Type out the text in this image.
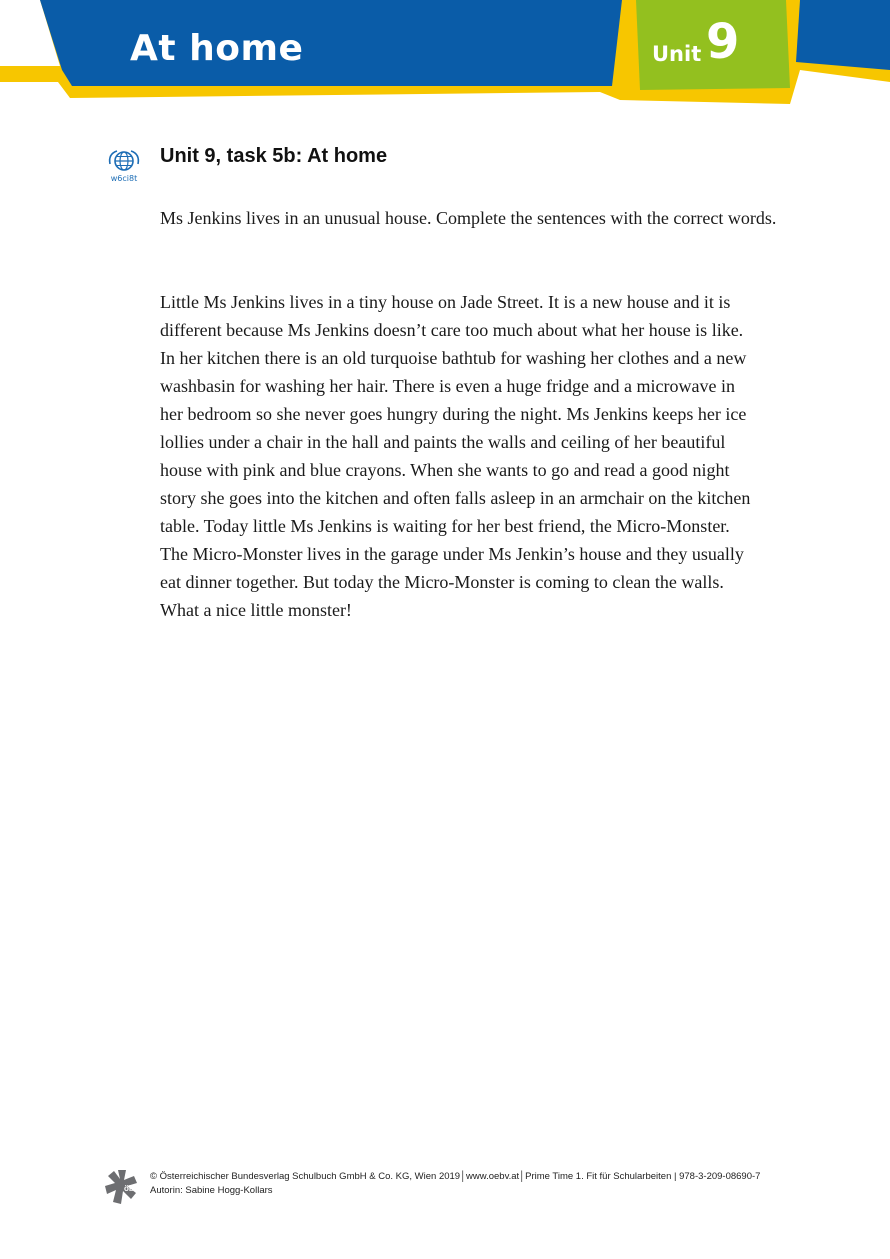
At home	Unit 9
w6ci8t
Unit 9, task 5b: At home

Ms Jenkins lives in an unusual house. Complete the sentences with the correct words.

Little Ms Jenkins lives in a tiny house on Jade Street. It is a new house and it is
different because Ms Jenkins doesn’t care too much about what her house is like.
In her kitchen there is an old turquoise bathtub for washing her clothes and a new
washbasin for washing her hair. There is even a huge fridge and a microwave in
her bedroom so she never goes hungry during the night. Ms Jenkins keeps her ice
lollies under a chair in the hall and paints the walls and ceiling of her beautiful
house with pink and blue crayons. When she wants to go and read a good night
story she goes into the kitchen and often falls asleep in an armchair on the kitchen
table. Today little Ms Jenkins is waiting for her best friend, the Micro-Monster.
The Micro-Monster lives in the garage under Ms Jenkin’s house and they usually
eat dinner together. But today the Micro-Monster is coming to clean the walls.
What a nice little monster!
öbv
© Österreichischer Bundesverlag Schulbuch GmbH & Co. KG, Wien 2019│www.oebv.at│Prime Time 1. Fit für Schularbeiten | 978-3-209-08690-7
Autorin: Sabine Hogg-Kollars
